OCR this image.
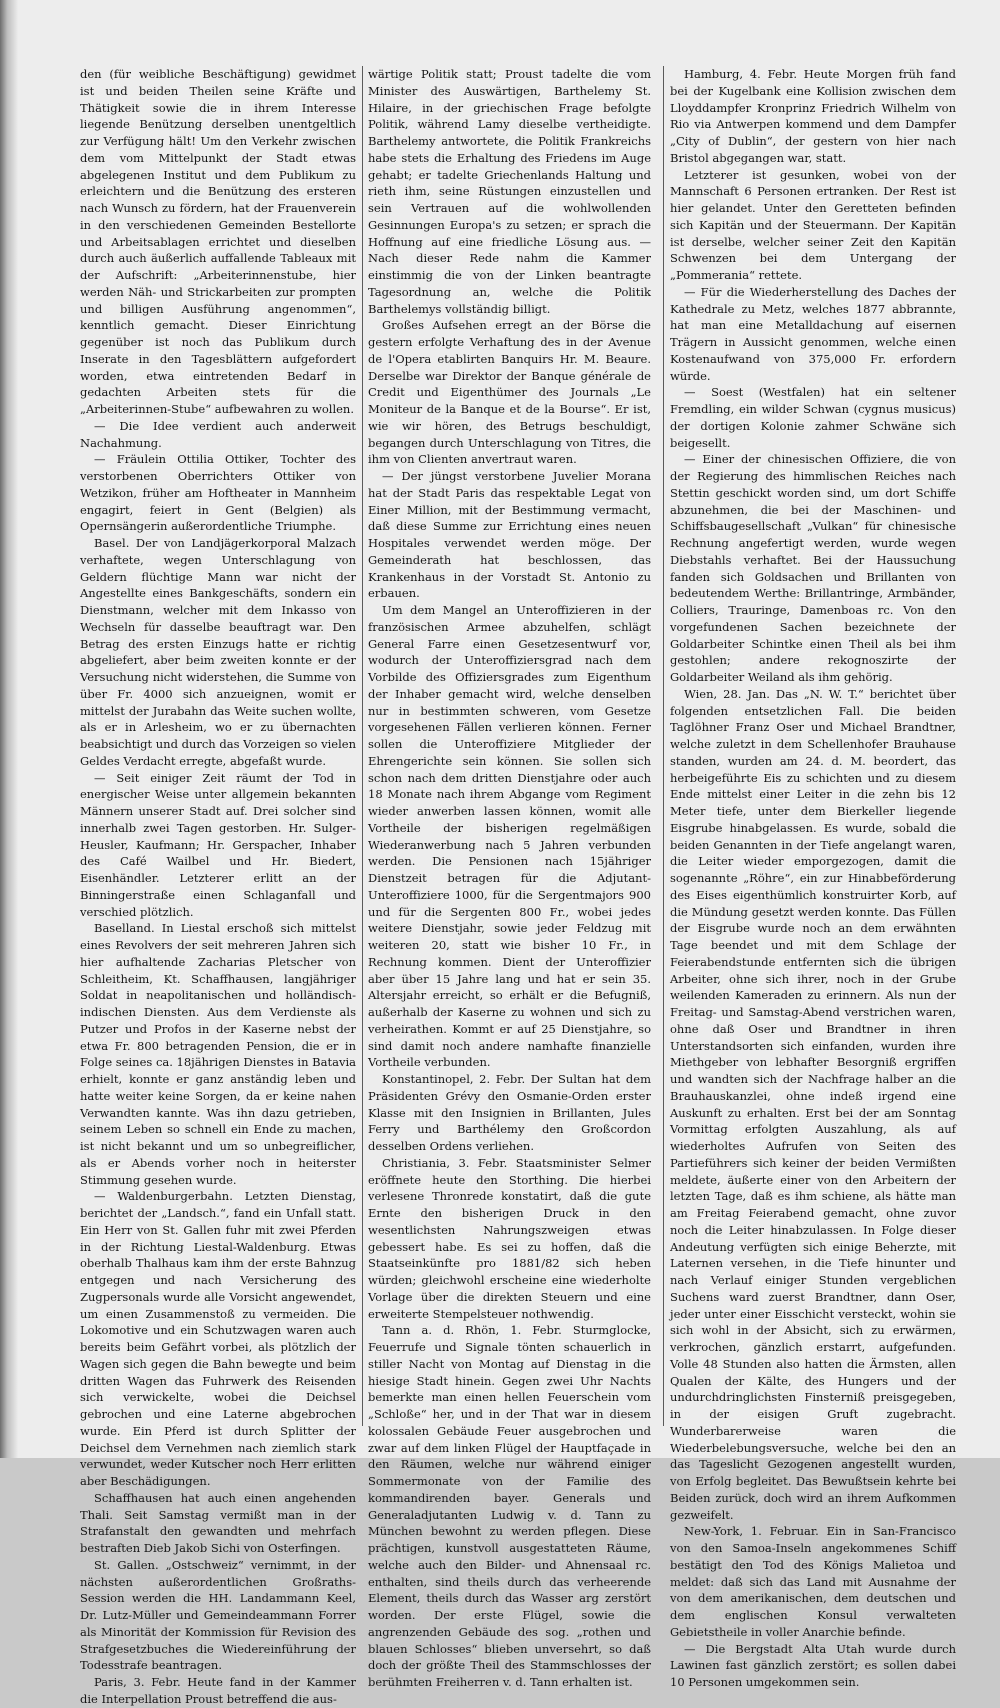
den (für weibliche Beschäftigung) gewidmet ist und beiden Theilen seine Kräfte und Thätigkeit sowie die in ihrem Interesse liegende Benützung derselben unentgeltlich zur Verfügung hält! Um den Verkehr zwischen dem vom Mittelpunkt der Stadt etwas abgelegenen Institut und dem Publikum zu erleichtern und die Benützung des ersteren nach Wunsch zu fördern, hat der Frauenverein in den verschiedenen Gemeinden Bestellorte und Arbeitsablagen errichtet und dieselben durch auch äußerlich auffallende Tableaux mit der Aufschrift: „Arbeiterinnenstube, hier werden Näh- und Strickarbeiten zur prompten und billigen Ausführung angenommen“, kenntlich gemacht. Dieser Einrichtung gegenüber ist noch das Publikum durch Inserate in den Tagesblättern aufgefordert worden, etwa eintretenden Bedarf in gedachten Arbeiten stets für die „Arbeiterinnen-Stube“ aufbewahren zu wollen.

— Die Idee verdient auch anderweit Nachahmung.

— Fräulein Ottilia Ottiker, Tochter des verstorbenen Oberrichters Ottiker von Wetzikon, früher am Hoftheater in Mannheim engagirt, feiert in Gent (Belgien) als Opernsängerin außerordentliche Triumphe.

Basel. Der von Landjägerkorporal Malzach verhaftete, wegen Unterschlagung von Geldern flüchtige Mann war nicht der Angestellte eines Bankgeschäfts, sondern ein Dienstmann, welcher mit dem Inkasso von Wechseln für dasselbe beauftragt war. Den Betrag des ersten Einzugs hatte er richtig abgeliefert, aber beim zweiten konnte er der Versuchung nicht widerstehen, die Summe von über Fr. 4000 sich anzueignen, womit er mittelst der Jurabahn das Weite suchen wollte, als er in Arlesheim, wo er zu übernachten beabsichtigt und durch das Vorzeigen so vielen Geldes Verdacht erregte, abgefaßt wurde.

— Seit einiger Zeit räumt der Tod in energischer Weise unter allgemein bekannten Männern unserer Stadt auf. Drei solcher sind innerhalb zwei Tagen gestorben. Hr. Sulger-Heusler, Kaufmann; Hr. Gerspacher, Inhaber des Café Wailbel und Hr. Biedert, Eisenhändler. Letzterer erlitt an der Binningerstraße einen Schlaganfall und verschied plötzlich.

Baselland. In Liestal erschoß sich mittelst eines Revolvers der seit mehreren Jahren sich hier aufhaltende Zacharias Pletscher von Schleitheim, Kt. Schaffhausen, langjähriger Soldat in neapolitanischen und holländisch-indischen Diensten. Aus dem Verdienste als Putzer und Profos in der Kaserne nebst der etwa Fr. 800 betragenden Pension, die er in Folge seines ca. 18jährigen Dienstes in Batavia erhielt, konnte er ganz anständig leben und hatte weiter keine Sorgen, da er keine nahen Verwandten kannte. Was ihn dazu getrieben, seinem Leben so schnell ein Ende zu machen, ist nicht bekannt und um so unbegreiflicher, als er Abends vorher noch in heiterster Stimmung gesehen wurde.

— Waldenburgerbahn. Letzten Dienstag, berichtet der „Landsch.“, fand ein Unfall statt. Ein Herr von St. Gallen fuhr mit zwei Pferden in der Richtung Liestal-Waldenburg. Etwas oberhalb Thalhaus kam ihm der erste Bahnzug entgegen und nach Versicherung des Zugpersonals wurde alle Vorsicht angewendet, um einen Zusammenstoß zu vermeiden. Die Lokomotive und ein Schutzwagen waren auch bereits beim Gefährt vorbei, als plötzlich der Wagen sich gegen die Bahn bewegte und beim dritten Wagen das Fuhrwerk des Reisenden sich verwickelte, wobei die Deichsel gebrochen und eine Laterne abgebrochen wurde. Ein Pferd ist durch Splitter der Deichsel dem Vernehmen nach ziemlich stark verwundet, weder Kutscher noch Herr erlitten aber Beschädigungen.

Schaffhausen hat auch einen angehenden Thali. Seit Samstag vermißt man in der Strafanstalt den gewandten und mehrfach bestraften Dieb Jakob Sichi von Osterfingen.

St. Gallen. „Ostschweiz“ vernimmt, in der nächsten außerordentlichen Großraths-Session werden die HH. Landammann Keel, Dr. Lutz-Müller und Gemeindeammann Forrer als Minorität der Kommission für Revision des Strafgesetzbuches die Wiedereinführung der Todesstrafe beantragen.

Paris, 3. Febr. Heute fand in der Kammer die Interpellation Proust betreffend die aus-

wärtige Politik statt; Proust tadelte die vom Minister des Auswärtigen, Barthelemy St. Hilaire, in der griechischen Frage befolgte Politik, während Lamy dieselbe vertheidigte. Barthelemy antwortete, die Politik Frankreichs habe stets die Erhaltung des Friedens im Auge gehabt; er tadelte Griechenlands Haltung und rieth ihm, seine Rüstungen einzustellen und sein Vertrauen auf die wohlwollenden Gesinnungen Europa's zu setzen; er sprach die Hoffnung auf eine friedliche Lösung aus. — Nach dieser Rede nahm die Kammer einstimmig die von der Linken beantragte Tagesordnung an, welche die Politik Barthelemys vollständig billigt.

Großes Aufsehen erregt an der Börse die gestern erfolgte Verhaftung des in der Avenue de l'Opera etablirten Banquirs Hr. M. Beaure. Derselbe war Direktor der Banque générale de Credit und Eigenthümer des Journals „Le Moniteur de la Banque et de la Bourse“. Er ist, wie wir hören, des Betrugs beschuldigt, begangen durch Unterschlagung von Titres, die ihm von Clienten anvertraut waren.

— Der jüngst verstorbene Juvelier Morana hat der Stadt Paris das respektable Legat von Einer Million, mit der Bestimmung vermacht, daß diese Summe zur Errichtung eines neuen Hospitales verwendet werden möge. Der Gemeinderath hat beschlossen, das Krankenhaus in der Vorstadt St. Antonio zu erbauen.

Um dem Mangel an Unteroffizieren in der französischen Armee abzuhelfen, schlägt General Farre einen Gesetzesentwurf vor, wodurch der Unteroffiziersgrad nach dem Vorbilde des Offiziersgrades zum Eigenthum der Inhaber gemacht wird, welche denselben nur in bestimmten schweren, vom Gesetze vorgesehenen Fällen verlieren können. Ferner sollen die Unteroffiziere Mitglieder der Ehrengerichte sein können. Sie sollen sich schon nach dem dritten Dienstjahre oder auch 18 Monate nach ihrem Abgange vom Regiment wieder anwerben lassen können, womit alle Vortheile der bisherigen regelmäßigen Wiederanwerbung nach 5 Jahren verbunden werden. Die Pensionen nach 15jähriger Dienstzeit betragen für die Adjutant-Unteroffiziere 1000, für die Sergentmajors 900 und für die Sergenten 800 Fr., wobei jedes weitere Dienstjahr, sowie jeder Feldzug mit weiteren 20, statt wie bisher 10 Fr., in Rechnung kommen. Dient der Unteroffizier aber über 15 Jahre lang und hat er sein 35. Altersjahr erreicht, so erhält er die Befugniß, außerhalb der Kaserne zu wohnen und sich zu verheirathen. Kommt er auf 25 Dienstjahre, so sind damit noch andere namhafte finanzielle Vortheile verbunden.

Konstantinopel, 2. Febr. Der Sultan hat dem Präsidenten Grévy den Osmanie-Orden erster Klasse mit den Insignien in Brillanten, Jules Ferry und Barthélemy den Großcordon desselben Ordens verliehen.

Christiania, 3. Febr. Staatsminister Selmer eröffnete heute den Storthing. Die hierbei verlesene Thronrede konstatirt, daß die gute Ernte den bisherigen Druck in den wesentlichsten Nahrungszweigen etwas gebessert habe. Es sei zu hoffen, daß die Staatseinkünfte pro 1881/82 sich heben würden; gleichwohl erscheine eine wiederholte Vorlage über die direkten Steuern und eine erweiterte Stempelsteuer nothwendig.

Tann a. d. Rhön, 1. Febr. Sturmglocke, Feuerrufe und Signale tönten schauerlich in stiller Nacht von Montag auf Dienstag in die hiesige Stadt hinein. Gegen zwei Uhr Nachts bemerkte man einen hellen Feuerschein vom „Schloße“ her, und in der That war in diesem kolossalen Gebäude Feuer ausgebrochen und zwar auf dem linken Flügel der Hauptfaçade in den Räumen, welche nur während einiger Sommermonate von der Familie des kommandirenden bayer. Generals und Generaladjutanten Ludwig v. d. Tann zu München bewohnt zu werden pflegen. Diese prächtigen, kunstvoll ausgestatteten Räume, welche auch den Bilder- und Ahnensaal rc. enthalten, sind theils durch das verheerende Element, theils durch das Wasser arg zerstört worden. Der erste Flügel, sowie die angrenzenden Gebäude des sog. „rothen und blauen Schlosses“ blieben unversehrt, so daß doch der größte Theil des Stammschlosses der berühmten Freiherren v. d. Tann erhalten ist.

Hamburg, 4. Febr. Heute Morgen früh fand bei der Kugelbank eine Kollision zwischen dem Lloyddampfer Kronprinz Friedrich Wilhelm von Rio via Antwerpen kommend und dem Dampfer „City of Dublin“, der gestern von hier nach Bristol abgegangen war, statt.

Letzterer ist gesunken, wobei von der Mannschaft 6 Personen ertranken. Der Rest ist hier gelandet. Unter den Geretteten befinden sich Kapitän und der Steuermann. Der Kapitän ist derselbe, welcher seiner Zeit den Kapitän Schwenzen bei dem Untergang der „Pommerania“ rettete.

— Für die Wiederherstellung des Daches der Kathedrale zu Metz, welches 1877 abbrannte, hat man eine Metalldachung auf eisernen Trägern in Aussicht genommen, welche einen Kostenaufwand von 375,000 Fr. erfordern würde.

— Soest (Westfalen) hat ein seltener Fremdling, ein wilder Schwan (cygnus musicus) der dortigen Kolonie zahmer Schwäne sich beigesellt.

— Einer der chinesischen Offiziere, die von der Regierung des himmlischen Reiches nach Stettin geschickt worden sind, um dort Schiffe abzunehmen, die bei der Maschinen- und Schiffsbaugesellschaft „Vulkan“ für chinesische Rechnung angefertigt werden, wurde wegen Diebstahls verhaftet. Bei der Haussuchung fanden sich Goldsachen und Brillanten von bedeutendem Werthe: Brillantringe, Armbänder, Colliers, Trauringe, Damenboas rc. Von den vorgefundenen Sachen bezeichnete der Goldarbeiter Schintke einen Theil als bei ihm gestohlen; andere rekognoszirte der Goldarbeiter Weiland als ihm gehörig.

Wien, 28. Jan. Das „N. W. T.“ berichtet über folgenden entsetzlichen Fall. Die beiden Taglöhner Franz Oser und Michael Brandtner, welche zuletzt in dem Schellenhofer Brauhause standen, wurden am 24. d. M. beordert, das herbeigeführte Eis zu schichten und zu diesem Ende mittelst einer Leiter in die zehn bis 12 Meter tiefe, unter dem Bierkeller liegende Eisgrube hinabgelassen. Es wurde, sobald die beiden Genannten in der Tiefe angelangt waren, die Leiter wieder emporgezogen, damit die sogenannte „Röhre“, ein zur Hinabbeförderung des Eises eigenthümlich konstruirter Korb, auf die Mündung gesetzt werden konnte. Das Füllen der Eisgrube wurde noch an dem erwähnten Tage beendet und mit dem Schlage der Feierabendstunde entfernten sich die übrigen Arbeiter, ohne sich ihrer, noch in der Grube weilenden Kameraden zu erinnern. Als nun der Freitag- und Samstag-Abend verstrichen waren, ohne daß Oser und Brandtner in ihren Unterstandsorten sich einfanden, wurden ihre Miethgeber von lebhafter Besorgniß ergriffen und wandten sich der Nachfrage halber an die Brauhauskanzlei, ohne indeß irgend eine Auskunft zu erhalten. Erst bei der am Sonntag Vormittag erfolgten Auszahlung, als auf wiederholtes Aufrufen von Seiten des Partieführers sich keiner der beiden Vermißten meldete, äußerte einer von den Arbeitern der letzten Tage, daß es ihm schiene, als hätte man am Freitag Feierabend gemacht, ohne zuvor noch die Leiter hinabzulassen. In Folge dieser Andeutung verfügten sich einige Beherzte, mit Laternen versehen, in die Tiefe hinunter und nach Verlauf einiger Stunden vergeblichen Suchens ward zuerst Brandtner, dann Oser, jeder unter einer Eisschicht versteckt, wohin sie sich wohl in der Absicht, sich zu erwärmen, verkrochen, gänzlich erstarrt, aufgefunden. Volle 48 Stunden also hatten die Ärmsten, allen Qualen der Kälte, des Hungers und der undurchdringlichsten Finsterniß preisgegeben, in der eisigen Gruft zugebracht. Wunderbarerweise waren die Wiederbelebungsversuche, welche bei den an das Tageslicht Gezogenen angestellt wurden, von Erfolg begleitet. Das Bewußtsein kehrte bei Beiden zurück, doch wird an ihrem Aufkommen gezweifelt.

New-York, 1. Februar. Ein in San-Francisco von den Samoa-Inseln angekommenes Schiff bestätigt den Tod des Königs Malietoa und meldet: daß sich das Land mit Ausnahme der von dem amerikanischen, dem deutschen und dem englischen Konsul verwalteten Gebietstheile in voller Anarchie befinde.

— Die Bergstadt Alta Utah wurde durch Lawinen fast gänzlich zerstört; es sollen dabei 10 Personen umgekommen sein.
